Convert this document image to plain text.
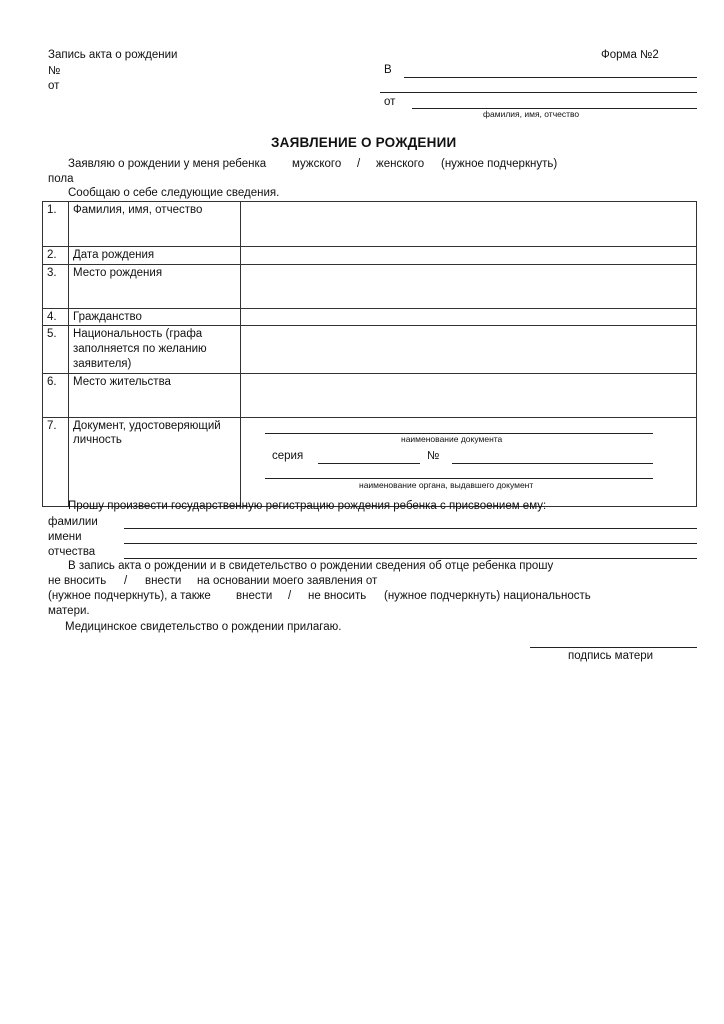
Запись акта о рождении
№
от
Форма №2
В
от
фамилия, имя, отчество
ЗАЯВЛЕНИЕ О РОЖДЕНИИ
Заявляю о рождении у меня ребенка мужского / женского (нужное подчеркнуть)
пола
Сообщаю о себе следующие сведения.
1.	Фамилия, имя, отчество	
2.	Дата рождения	
3.	Место рождения	
4.	Гражданство	
5.	Национальность (графа заполняется по желанию заявителя)	
6.	Место жительства	
7.	Документ, удостоверяющий личность	наименование документа
серия №
наименование органа, выдавшего документ
Прошу произвести государственную регистрацию рождения ребенка с присвоением ему:
фамилии
имени
отчества
В запись акта о рождении и в свидетельство о рождении сведения об отце ребенка прошу
не вносить / внести на основании моего заявления от
(нужное подчеркнуть), а также внести / не вносить (нужное подчеркнуть) национальность
матери.
Медицинское свидетельство о рождении прилагаю.
подпись матери
